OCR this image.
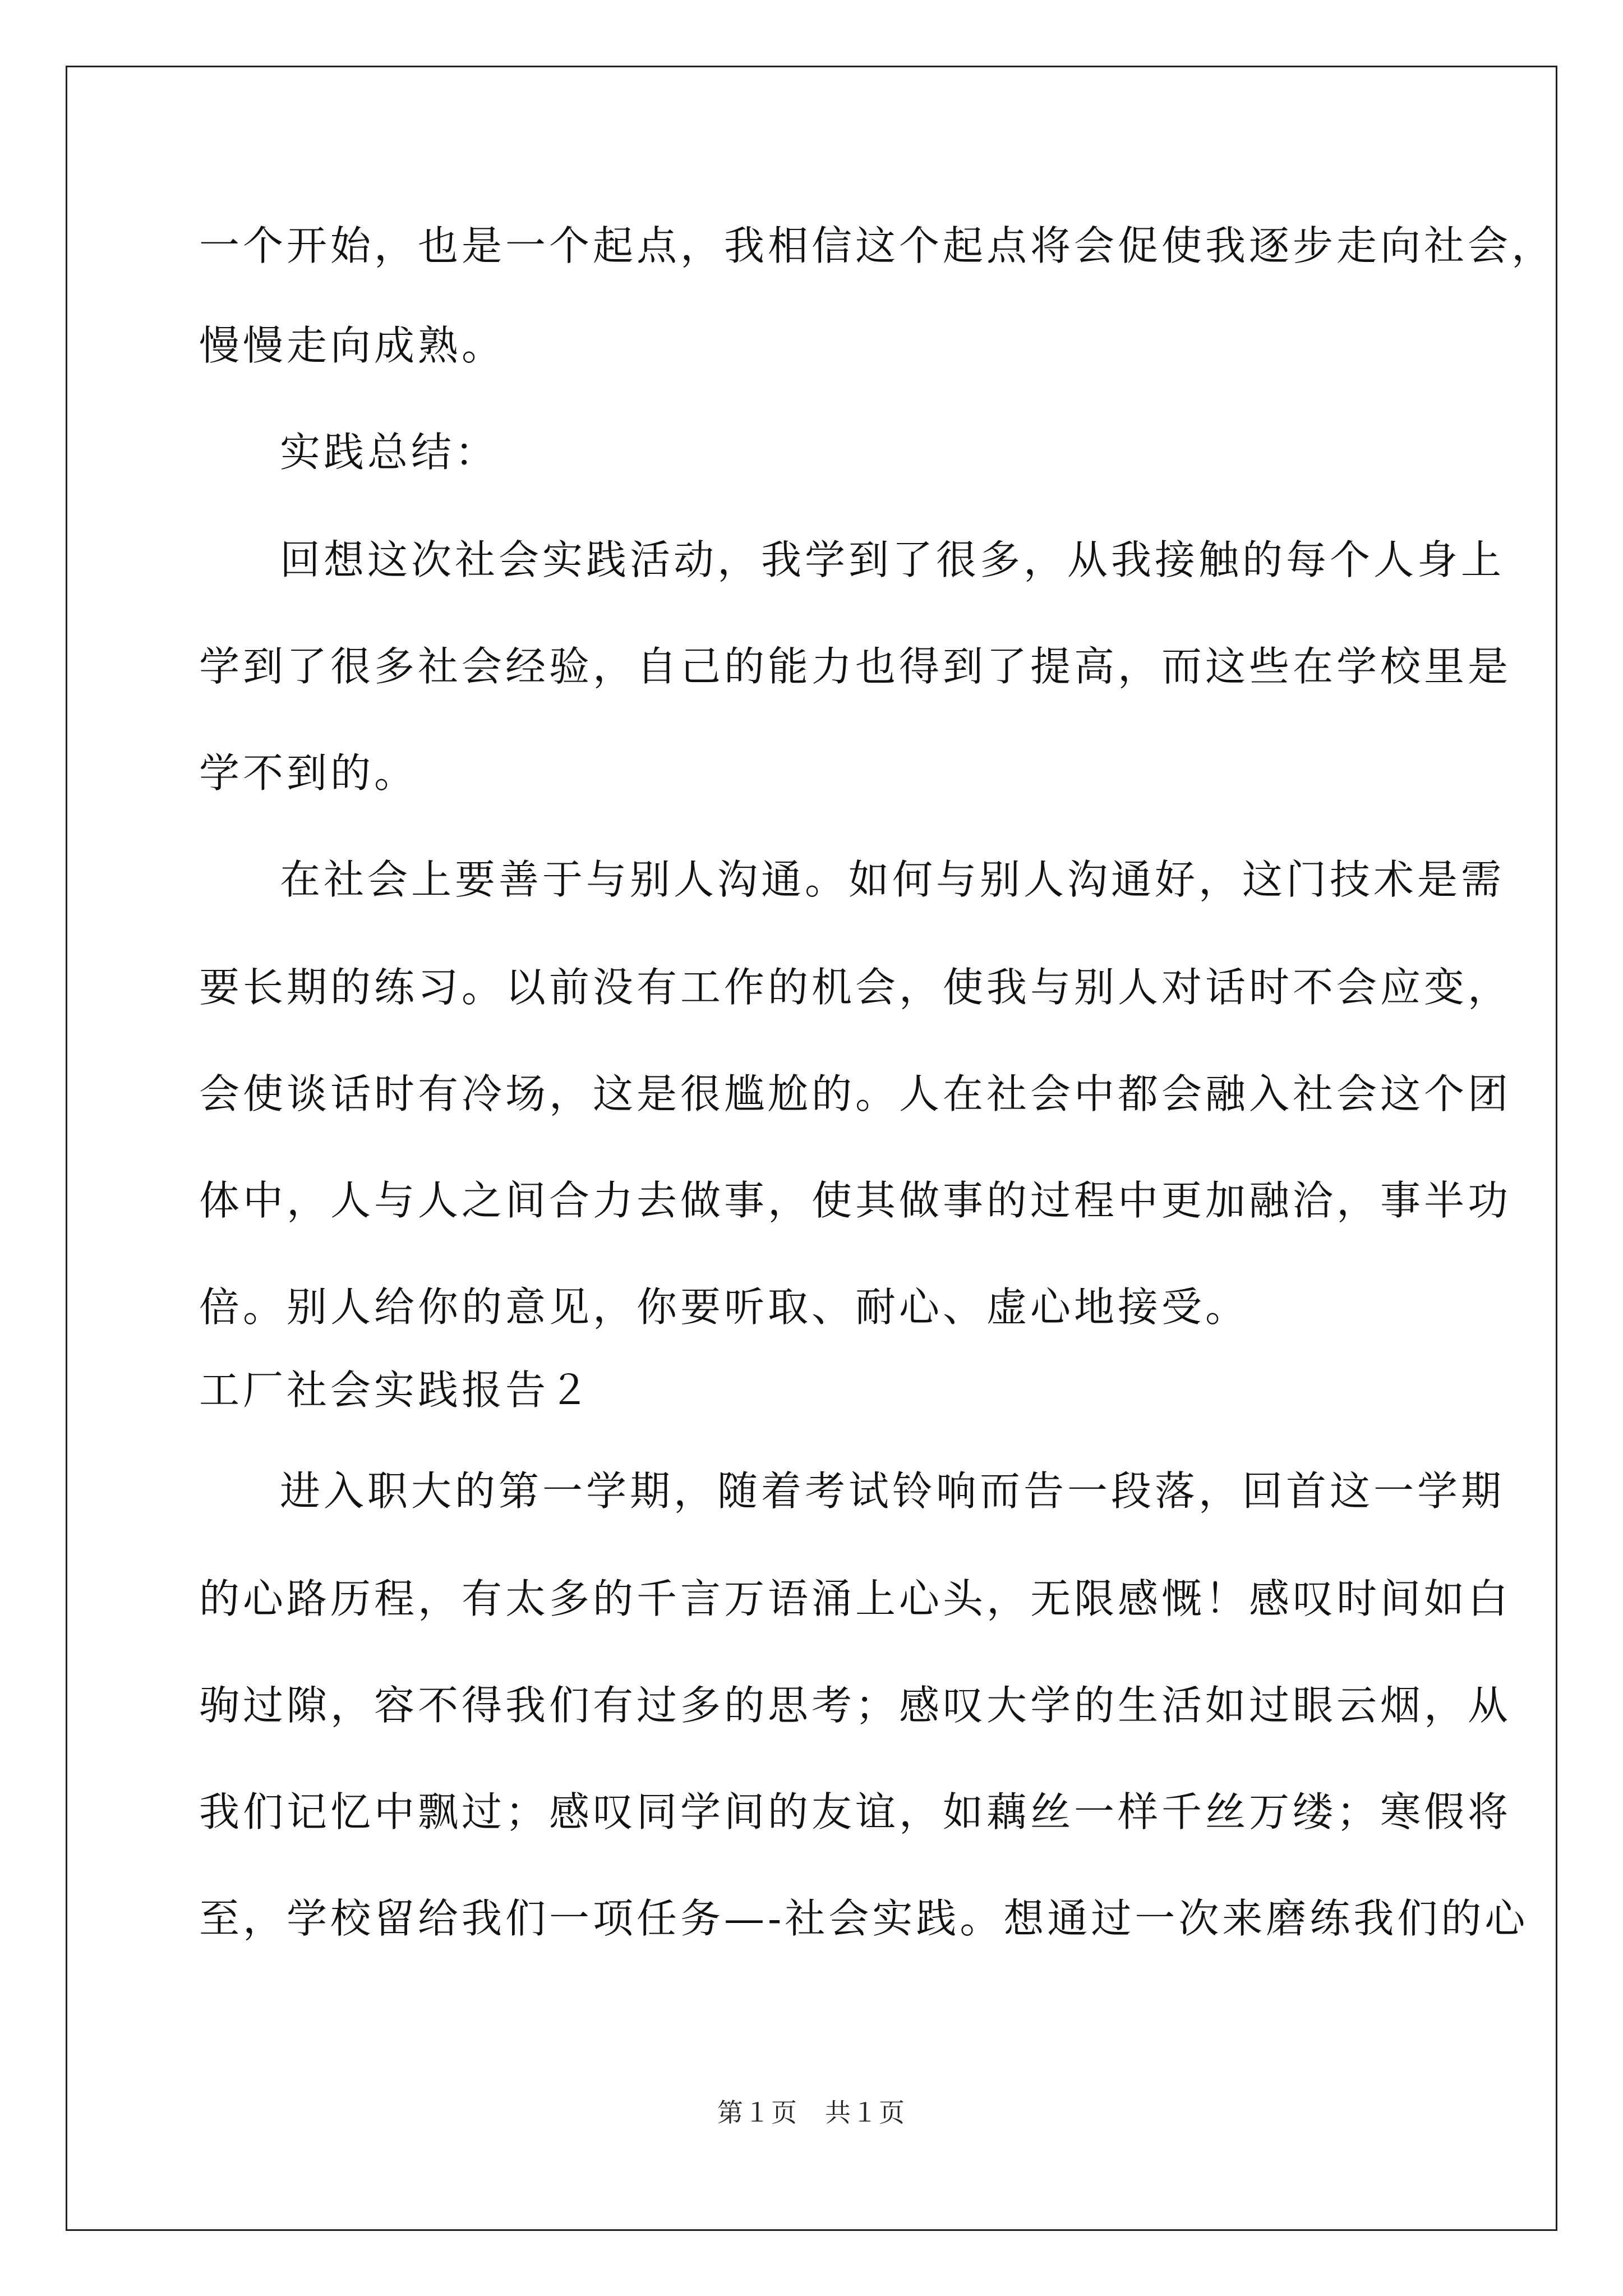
一个开始，也是一个起点，我相信这个起点将会促使我逐步走向社会，
慢慢走向成熟。
实践总结：
回想这次社会实践活动，我学到了很多，从我接触的每个人身上
学到了很多社会经验，自己的能力也得到了提高，而这些在学校里是
学不到的。
在社会上要善于与别人沟通。如何与别人沟通好，这门技术是需
要长期的练习。以前没有工作的机会，使我与别人对话时不会应变，
会使谈话时有冷场，这是很尴尬的。人在社会中都会融入社会这个团
体中，人与人之间合力去做事，使其做事的过程中更加融洽，事半功
倍。别人给你的意见，你要听取、耐心、虚心地接受。
工厂社会实践报告２
进入职大的第一学期，随着考试铃响而告一段落，回首这一学期
的心路历程，有太多的千言万语涌上心头，无限感慨！感叹时间如白
驹过隙，容不得我们有过多的思考；感叹大学的生活如过眼云烟，从
我们记忆中飘过；感叹同学间的友谊，如藕丝一样千丝万缕；寒假将
至，学校留给我们一项任务—-社会实践。想通过一次来磨练我们的心
第１页　共１页
